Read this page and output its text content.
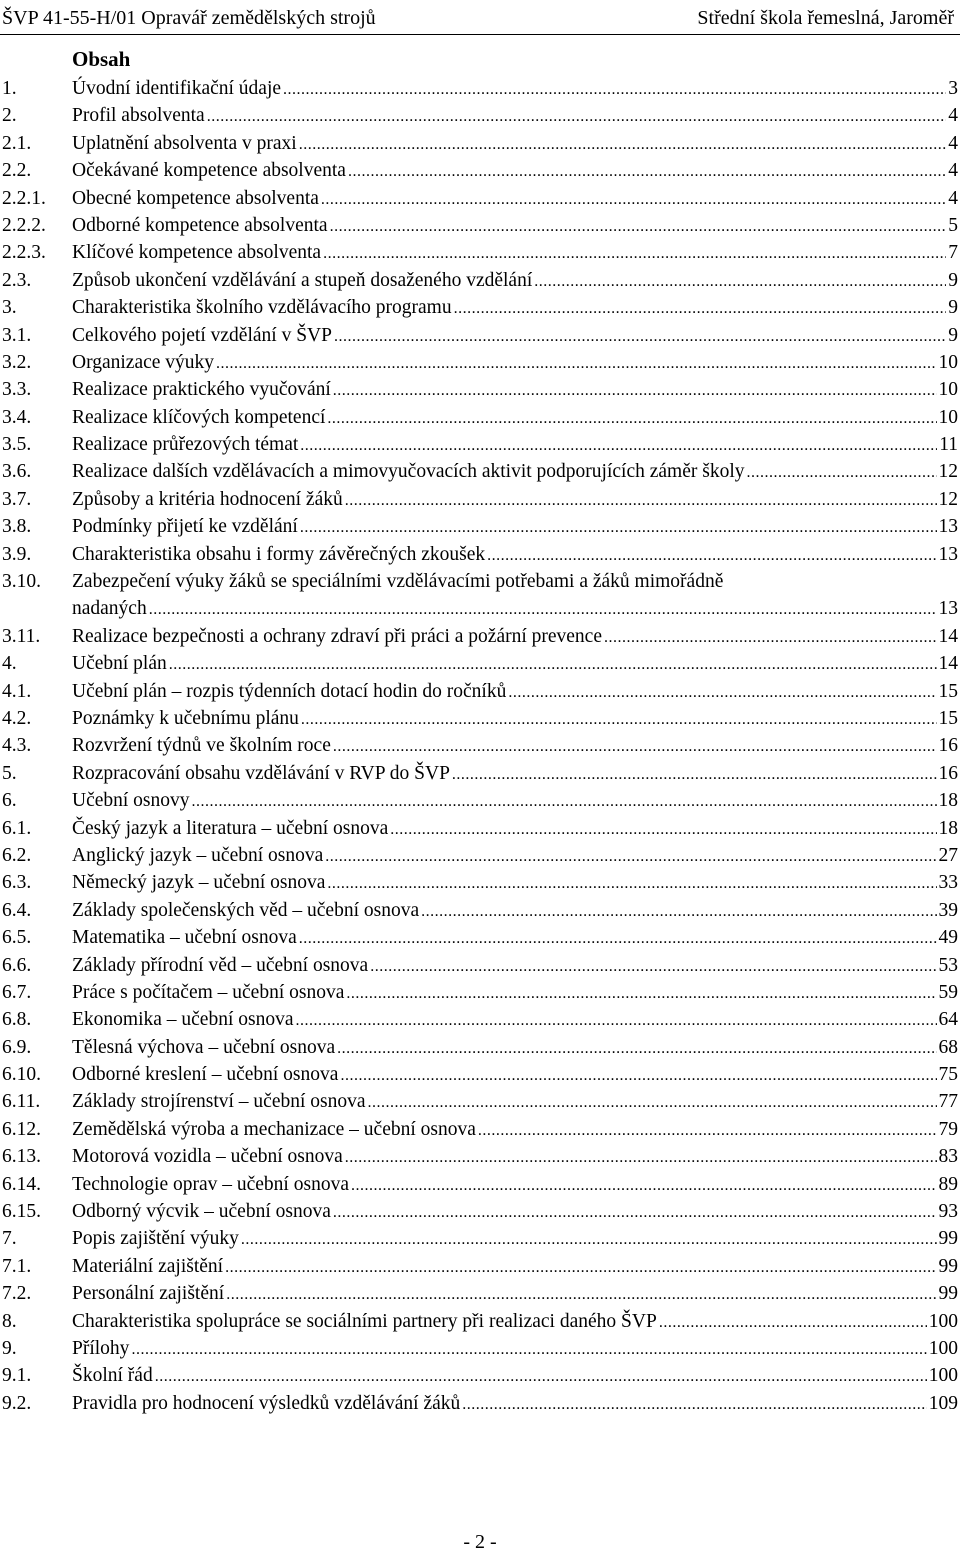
ŠVP 41-55-H/01 Opravář zemědělských strojů	Střední škola řemeslná, Jaroměř
Obsah
1.	Úvodní identifikační údaje .....	3
2.	Profil absolventa .....	4
2.1. Uplatnění absolventa v praxi .....	4
2.2. Očekávané kompetence absolventa .....	4
2.2.1. Obecné kompetence absolventa .....	4
2.2.2. Odborné kompetence absolventa .....	5
2.2.3. Klíčové kompetence absolventa .....	7
2.3. Způsob ukončení vzdělávání a stupeň dosaženého vzdělání .....	9
3.	Charakteristika školního vzdělávacího programu .....	9
3.1. Celkového pojetí vzdělání v ŠVP .....	9
3.2. Organizace výuky .....	10
3.3. Realizace praktického vyučování .....	10
3.4. Realizace klíčových kompetencí .....	10
3.5. Realizace průřezových témat .....	11
3.6. Realizace dalších vzdělávacích a mimovyučovacích aktivit podporujících záměr školy .....	12
3.7. Způsoby a kritéria hodnocení žáků .....	12
3.8. Podmínky přijetí ke vzdělání .....	13
3.9. Charakteristika obsahu i formy závěrečných zkoušek .....	13
3.10. Zabezpečení výuky žáků se speciálními vzdělávacími potřebami a žáků mimořádně
nadaných .....	13
3.11. Realizace bezpečnosti a ochrany zdraví při práci a požární prevence .....	14
4.	Učební plán .....	14
4.1. Učební plán – rozpis týdenních dotací hodin do ročníků .....	15
4.2. Poznámky k učebnímu plánu .....	15
4.3. Rozvržení týdnů ve školním roce .....	16
5.	Rozpracování obsahu vzdělávání v RVP do ŠVP .....	16
6.	Učební osnovy .....	18
6.1. Český jazyk a literatura – učební osnova .....	18
6.2. Anglický jazyk – učební osnova .....	27
6.3. Německý jazyk – učební osnova .....	33
6.4. Základy společenských věd – učební osnova .....	39
6.5. Matematika – učební osnova .....	49
6.6. Základy přírodní věd – učební osnova .....	53
6.7. Práce s počítačem – učební osnova .....	59
6.8. Ekonomika – učební osnova .....	64
6.9. Tělesná výchova – učební osnova .....	68
6.10. Odborné kreslení – učební osnova .....	75
6.11. Základy strojírenství – učební osnova .....	77
6.12. Zemědělská výroba a mechanizace – učební osnova .....	79
6.13. Motorová vozidla – učební osnova .....	83
6.14. Technologie oprav – učební osnova .....	89
6.15. Odborný výcvik – učební osnova .....	93
7.	Popis zajištění výuky .....	99
7.1. Materiální zajištění .....	99
7.2. Personální zajištění .....	99
8.	Charakteristika spolupráce se sociálními partnery při realizaci daného ŠVP .....	100
9.	Přílohy .....	100
9.1. Školní řád .....	100
9.2. Pravidla pro hodnocení výsledků vzdělávání žáků .....	109
- 2 -
